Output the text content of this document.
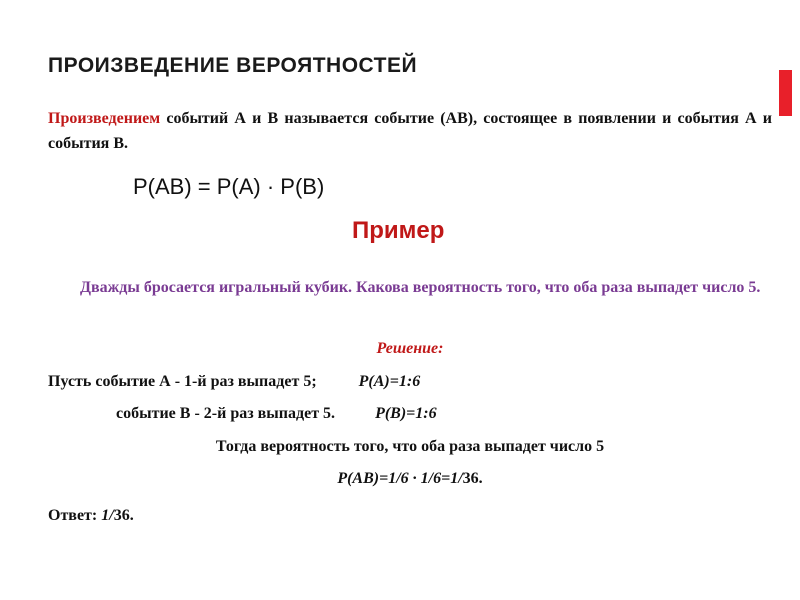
ПРОИЗВЕДЕНИЕ ВЕРОЯТНОСТЕЙ
Произведением событий А и В называется событие (АВ), состоящее в появлении и события А и события В.
Р(АВ) = Р(А) · Р(В)
Пример
Дважды бросается игральный кубик. Какова вероятность того, что оба раза выпадет число 5.
Решение:
Пусть событие А - 1-й раз выпадет 5;	Р(А)=1:6
событие В - 2-й раз выпадет 5.	Р(В)=1:6
Тогда вероятность того, что оба раза выпадет число 5
Р(АВ)=1/6 · 1/6=1/36.
Ответ: 1/36.
